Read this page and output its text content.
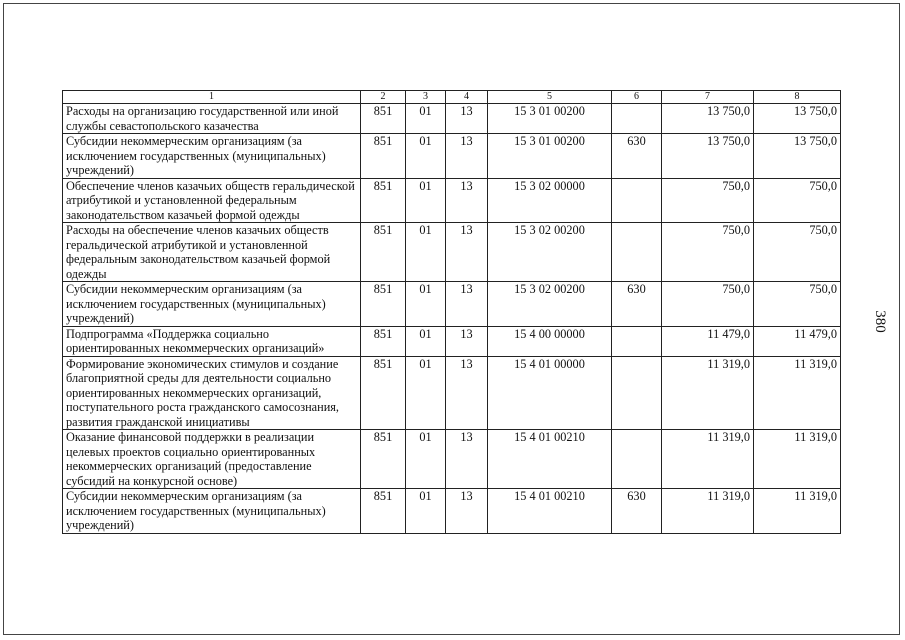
1	2	3	4	5	6	7	8
Расходы на организацию государственной или иной службы севастопольского казачества	851	01	13	15 3 01 00200		13 750,0	13 750,0
Субсидии некоммерческим организациям (за исключением государственных (муниципальных) учреждений)	851	01	13	15 3 01 00200	630	13 750,0	13 750,0
Обеспечение членов казачьих обществ геральдической атрибутикой и установленной федеральным законодательством казачьей формой одежды	851	01	13	15 3 02 00000		750,0	750,0
Расходы на обеспечение членов казачьих обществ геральдической атрибутикой и установленной федеральным законодательством казачьей формой одежды	851	01	13	15 3 02 00200		750,0	750,0
Субсидии некоммерческим организациям (за исключением государственных (муниципальных) учреждений)	851	01	13	15 3 02 00200	630	750,0	750,0
Подпрограмма «Поддержка социально ориентированных некоммерческих организаций»	851	01	13	15 4 00 00000		11 479,0	11 479,0
Формирование экономических стимулов и создание благоприятной среды для деятельности социально ориентированных некоммерческих организаций, поступательного роста гражданского самосознания, развития гражданской инициативы	851	01	13	15 4 01 00000		11 319,0	11 319,0
Оказание финансовой поддержки в реализации целевых проектов социально ориентированных некоммерческих организаций (предоставление субсидий на конкурсной основе)	851	01	13	15 4 01 00210		11 319,0	11 319,0
Субсидии некоммерческим организациям (за исключением государственных (муниципальных) учреждений)	851	01	13	15 4 01 00210	630	11 319,0	11 319,0
380
